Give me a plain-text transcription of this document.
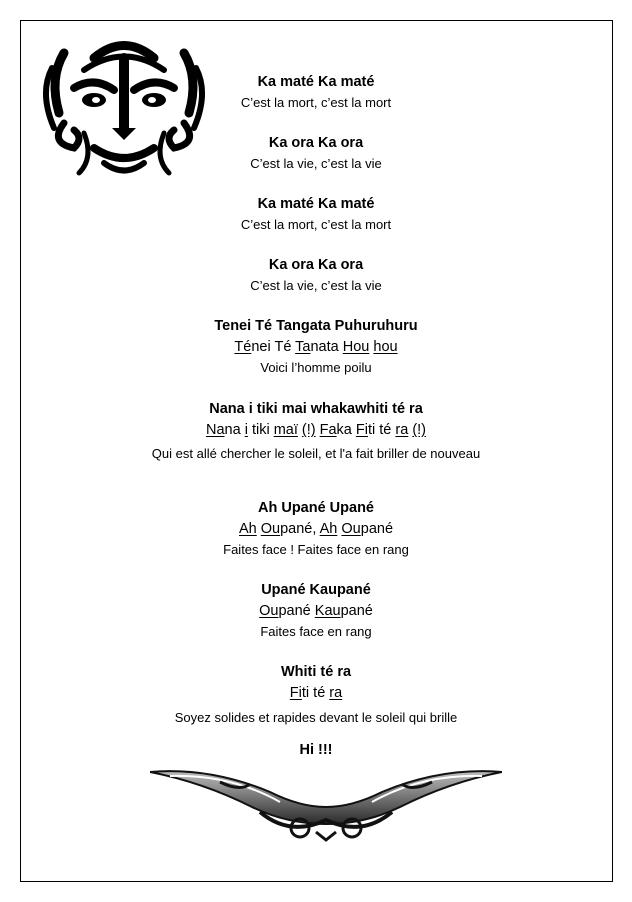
Ka maté Ka maté
C’est la mort, c’est la mort
Ka ora Ka ora
C’est la vie, c’est la vie
Ka maté Ka maté
C’est la mort, c’est la mort
Ka ora Ka ora
C’est la vie, c’est la vie
Tenei Té Tangata Puhuruhuru
Ténei Té Tanata Hou hou
Voici l’homme poilu
Nana i tiki mai whakawhiti té ra
Nana i tiki maï (!) Faka Fiti té ra (!)
Qui est allé chercher le soleil, et l'a fait briller de nouveau
Ah Upané Upané
Ah Oupané, Ah Oupané
Faites face ! Faites face en rang
Upané Kaupané
Oupané Kaupané
Faites face en rang
Whiti té ra
Fiti té ra
Soyez solides et rapides devant le soleil qui brille
Hi !!!
